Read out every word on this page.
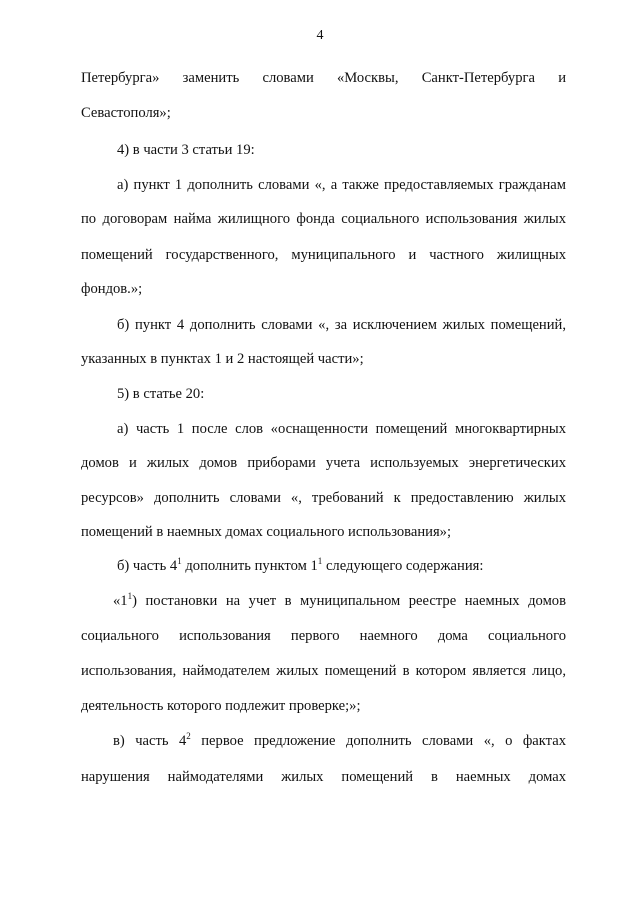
4
Петербурга» заменить словами «Москвы, Санкт-Петербурга и
Севастополя»;
4) в части 3 статьи 19:
а) пункт 1 дополнить словами «, а также предоставляемых гражданам
по договорам найма жилищного фонда социального использования жилых
помещений государственного, муниципального и частного жилищных
фондов.»;
б) пункт 4 дополнить словами «, за исключением жилых помещений,
указанных в пунктах 1 и 2 настоящей части»;
5) в статье 20:
а) часть 1 после слов «оснащенности помещений многоквартирных
домов и жилых домов приборами учета используемых энергетических
ресурсов» дополнить словами «, требований к предоставлению жилых
помещений в наемных домах социального использования»;
б) часть $4^1$ дополнить пунктом $1^1$ следующего содержания:
«$1^1$) постановки на учет в муниципальном реестре наемных домов
социального использования первого наемного дома социального
использования, наймодателем жилых помещений в котором является лицо,
деятельность которого подлежит проверке;»;
в) часть $4^2$ первое предложение дополнить словами «, о фактах
нарушения наймодателями жилых помещений в наемных домах
